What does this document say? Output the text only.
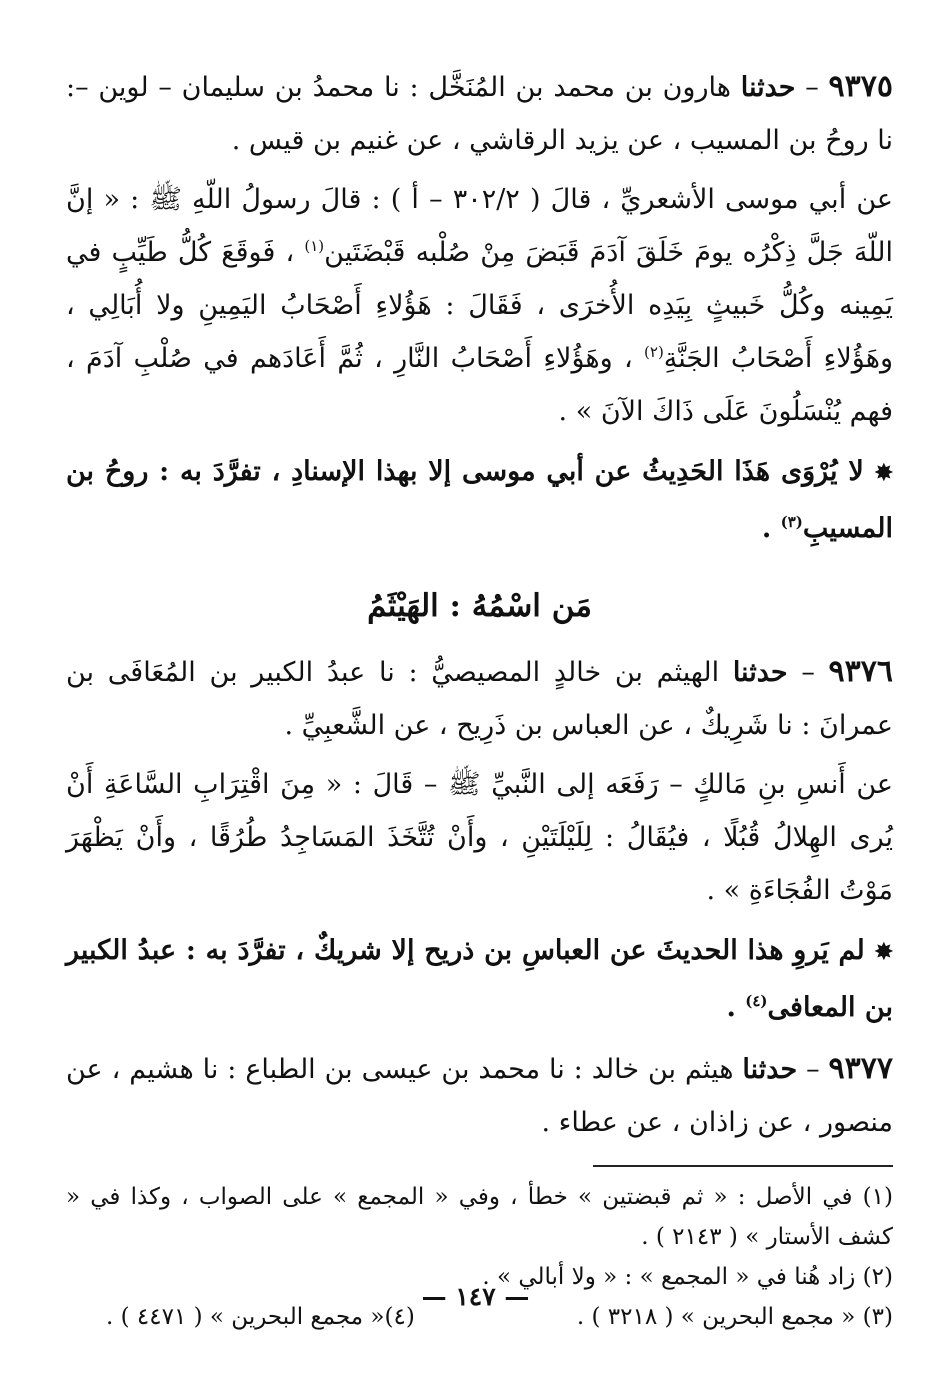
٩٣٧٥ – حدثنا هارون بن محمد بن المُنَخَّل : نا محمدُ بن سليمان – لوين –: نا روحُ بن المسيب ، عن يزيد الرقاشي ، عن غنيم بن قيس .

عن أبي موسى الأشعريِّ ، قالَ ( ٣٠٢/٢ – أ ) : قالَ رسولُ اللّهِ ﷺ : « إنَّ اللّهَ جَلَّ ذِكْرُه يومَ خَلَقَ آدَمَ قَبَضَ مِنْ صُلْبه قَبْضَتَين$^{(١)}$ ، فَوقَعَ كُلُّ طَيِّبٍ في يَمِينه وكُلُّ خَبيثٍ بِيَدِه الأُخرَى ، فَقَالَ : هَؤُلاءِ أَصْحَابُ اليَمِينِ ولا أُبَالِي ، وهَؤُلاءِ أَصْحَابُ الجَنَّةِ$^{(٢)}$ ، وهَؤُلاءِ أَصْحَابُ النَّارِ ، ثُمَّ أَعَادَهم في صُلْبِ آدَمَ ، فهم يُنْسَلُونَ عَلَى ذَاكَ الآنَ » .

✸ لا يُرْوَى هَذَا الحَدِيثُ عن أبي موسى إلا بهذا الإسنادِ ، تفرَّدَ به : روحُ بن المسيبِ$^{(٣)}$ .

مَن اسْمُهُ : الهَيْثَمُ

٩٣٧٦ – حدثنا الهيثم بن خالدٍ المصيصيُّ : نا عبدُ الكبير بن المُعَافَى بن عمرانَ : نا شَرِيكٌ ، عن العباس بن ذَرِيح ، عن الشَّعبِيِّ .

عن أَنسِ بنِ مَالكٍ – رَفَعَه إلى النَّبيِّ ﷺ – قَالَ : « مِنَ اقْتِرَابِ السَّاعَةِ أَنْ يُرى الهِلالُ قُبُلًا ، فيُقَالُ : لِلَيْلَتَيْنِ ، وأَنْ تُتَّخَذَ المَسَاجِدُ طُرُقًا ، وأَنْ يَظْهَرَ مَوْتُ الفُجَاءَةِ » .

✸ لم يَروِ هذا الحديثَ عن العباسِ بن ذريح إلا شريكٌ ، تفرَّدَ به : عبدُ الكبير بن المعافى$^{(٤)}$ .

٩٣٧٧ – حدثنا هيثم بن خالد : نا محمد بن عيسى بن الطباع : نا هشيم ، عن منصور ، عن زاذان ، عن عطاء .

(١) في الأصل : « ثم قبضتين » خطأ ، وفي « المجمع » على الصواب ، وكذا في « كشف الأستار » ( ٢١٤٣ ) .

(٢) زاد هُنا في « المجمع » : « ولا أبالي » .

(٣) « مجمع البحرين » ( ٣٢١٨ ) .
(٤)« مجمع البحرين » ( ٤٤٧١ ) .
— ١٤٧ —
